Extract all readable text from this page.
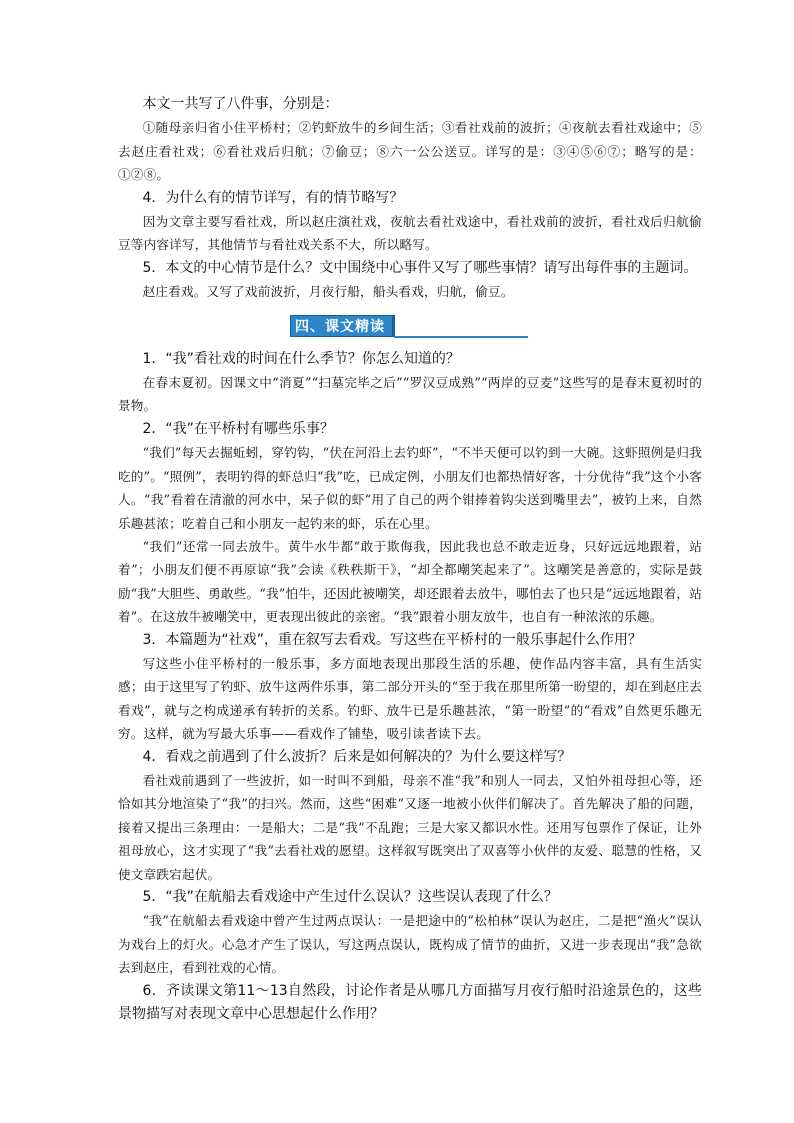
本文一共写了八件事，分别是：

①随母亲归省小住平桥村；②钓虾放牛的乡间生活；③看社戏前的波折；④夜航去看社戏途中；⑤去赵庄看社戏；⑥看社戏后归航；⑦偷豆；⑧六一公公送豆。详写的是：③④⑤⑥⑦；略写的是：①②⑧。

4．为什么有的情节详写，有的情节略写？

因为文章主要写看社戏，所以赵庄演社戏，夜航去看社戏途中，看社戏前的波折，看社戏后归航偷豆等内容详写，其他情节与看社戏关系不大，所以略写。

5．本文的中心情节是什么？文中围绕中心事件又写了哪些事情？请写出每件事的主题词。

赵庄看戏。又写了戏前波折，月夜行船，船头看戏，归航，偷豆。

四、课文精读

1．“我”看社戏的时间在什么季节？你怎么知道的？

在春末夏初。因课文中“消夏”“扫墓完毕之后”“罗汉豆成熟”“两岸的豆麦”这些写的是春末夏初时的景物。

2．“我”在平桥村有哪些乐事？

“我们”每天去掘蚯蚓，穿钓钩，“伏在河沿上去钓虾”，“不半天便可以钓到一大碗。这虾照例是归我吃的”。“照例”，表明钓得的虾总归“我”吃，已成定例，小朋友们也都热情好客，十分优待“我”这个小客人。“我”看着在清澈的河水中，呆子似的虾“用了自己的两个钳捧着钩尖送到嘴里去”，被钓上来，自然乐趣甚浓；吃着自己和小朋友一起钓来的虾，乐在心里。

“我们”还常一同去放牛。黄牛水牛都“敢于欺侮我，因此我也总不敢走近身，只好远远地跟着，站着”；小朋友们便不再原谅“我”会读《秩秩斯干》，“却全都嘲笑起来了”。这嘲笑是善意的，实际是鼓励“我”大胆些、勇敢些。“我”怕牛，还因此被嘲笑，却还跟着去放牛，哪怕去了也只是“远远地跟着，站着”。在这放牛被嘲笑中，更表现出彼此的亲密。“我”跟着小朋友放牛，也自有一种浓浓的乐趣。

3．本篇题为“社戏”，重在叙写去看戏。写这些在平桥村的一般乐事起什么作用？

写这些小住平桥村的一般乐事，多方面地表现出那段生活的乐趣，使作品内容丰富，具有生活实感；由于这里写了钓虾、放牛这两件乐事，第二部分开头的“至于我在那里所第一盼望的，却在到赵庄去看戏”，就与之构成递承有转折的关系。钓虾、放牛已是乐趣甚浓，“第一盼望”的“看戏”自然更乐趣无穷。这样，就为写最大乐事——看戏作了铺垫，吸引读者读下去。

4．看戏之前遇到了什么波折？后来是如何解决的？为什么要这样写？

看社戏前遇到了一些波折，如一时叫不到船，母亲不准“我”和别人一同去，又怕外祖母担心等，还恰如其分地渲染了“我”的扫兴。然而，这些“困难”又逐一地被小伙伴们解决了。首先解决了船的问题，接着又提出三条理由：一是船大；二是“我”不乱跑；三是大家又都识水性。还用写包票作了保证，让外祖母放心，这才实现了“我”去看社戏的愿望。这样叙写既突出了双喜等小伙伴的友爱、聪慧的性格，又使文章跌宕起伏。

5．“我”在航船去看戏途中产生过什么误认？这些误认表现了什么？

“我”在航船去看戏途中曾产生过两点误认：一是把途中的“松柏林”误认为赵庄，二是把“渔火”误认为戏台上的灯火。心急才产生了误认，写这两点误认，既构成了情节的曲折，又进一步表现出“我”急欲去到赵庄，看到社戏的心情。

6．齐读课文第11～13自然段，讨论作者是从哪几方面描写月夜行船时沿途景色的，这些景物描写对表现文章中心思想起什么作用？
